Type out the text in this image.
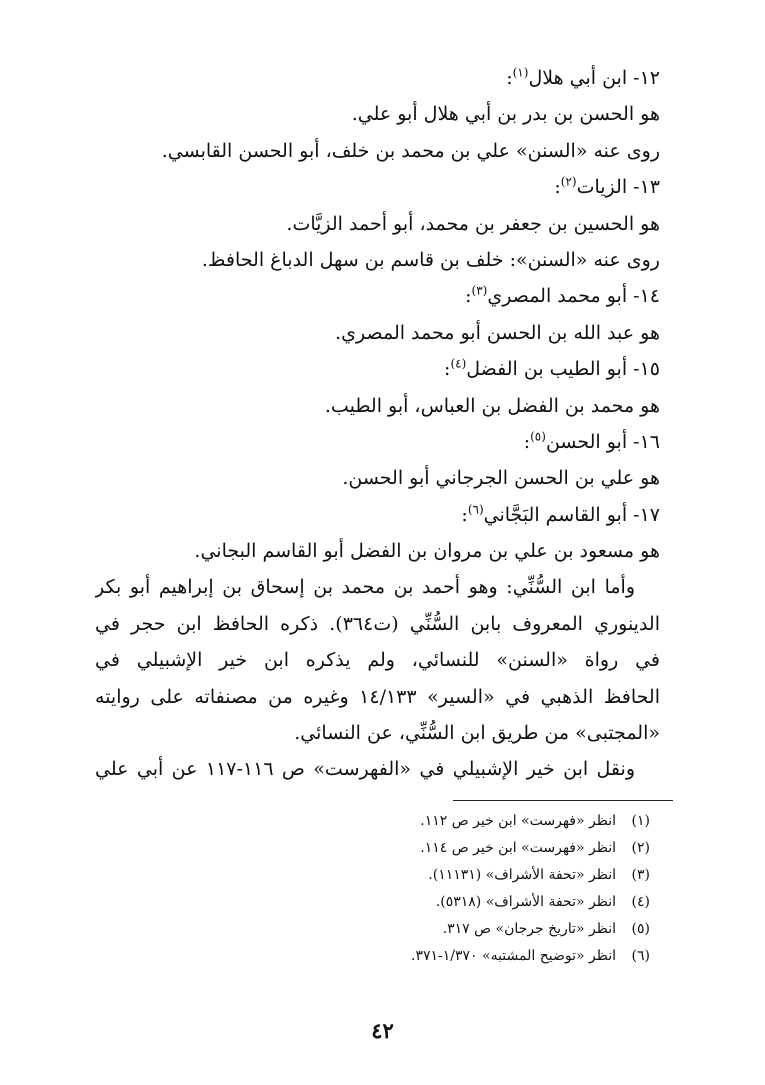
١٢- ابن أبي هلال$^{(١)}$:
هو الحسن بن بدر بن أبي هلال أبو علي.
روى عنه «السنن» علي بن محمد بن خلف، أبو الحسن القابسي.
١٣- الزيات$^{(٢)}$:
هو الحسين بن جعفر بن محمد، أبو أحمد الزيَّات.
روى عنه «السنن»: خلف بن قاسم بن سهل الدباغ الحافظ.
١٤- أبو محمد المصري$^{(٣)}$:
هو عبد الله بن الحسن أبو محمد المصري.
١٥- أبو الطيب بن الفضل$^{(٤)}$:
هو محمد بن الفضل بن العباس، أبو الطيب.
١٦- أبو الحسن$^{(٥)}$:
هو علي بن الحسن الجرجاني أبو الحسن.
١٧- أبو القاسم البَجَّاني$^{(٦)}$:
هو مسعود بن علي بن مروان بن الفضل أبو القاسم البجاني.
وأما ابن السُّنِّي: وهو أحمد بن محمد بن إسحاق بن إبراهيم أبو بكر
الدينوري المعروف بابن السُّنِّي (ت٣٦٤). ذكره الحافظ ابن حجر في
في رواة «السنن» للنسائي، ولم يذكره ابن خير الإشبيلي في
الحافظ الذهبي في «السير» ١٤/١٣٣ وغيره من مصنفاته على روايته
«المجتبى» من طريق ابن السُّنِّي، عن النسائي.
ونقل ابن خير الإشبيلي في «الفهرست» ص ١١٦-١١٧ عن أبي علي
(١)انظر «فهرست» ابن خير ص ١١٢.
(٢)انظر «فهرست» ابن خير ص ١١٤.
(٣)انظر «تحفة الأشراف» (١١١٣١).
(٤)انظر «تحفة الأشراف» (٥٣١٨).
(٥)انظر «تاريخ جرجان» ص ٣١٧.
(٦)انظر «توضيح المشتبه» ١/٣٧٠-٣٧١.
٤٢
